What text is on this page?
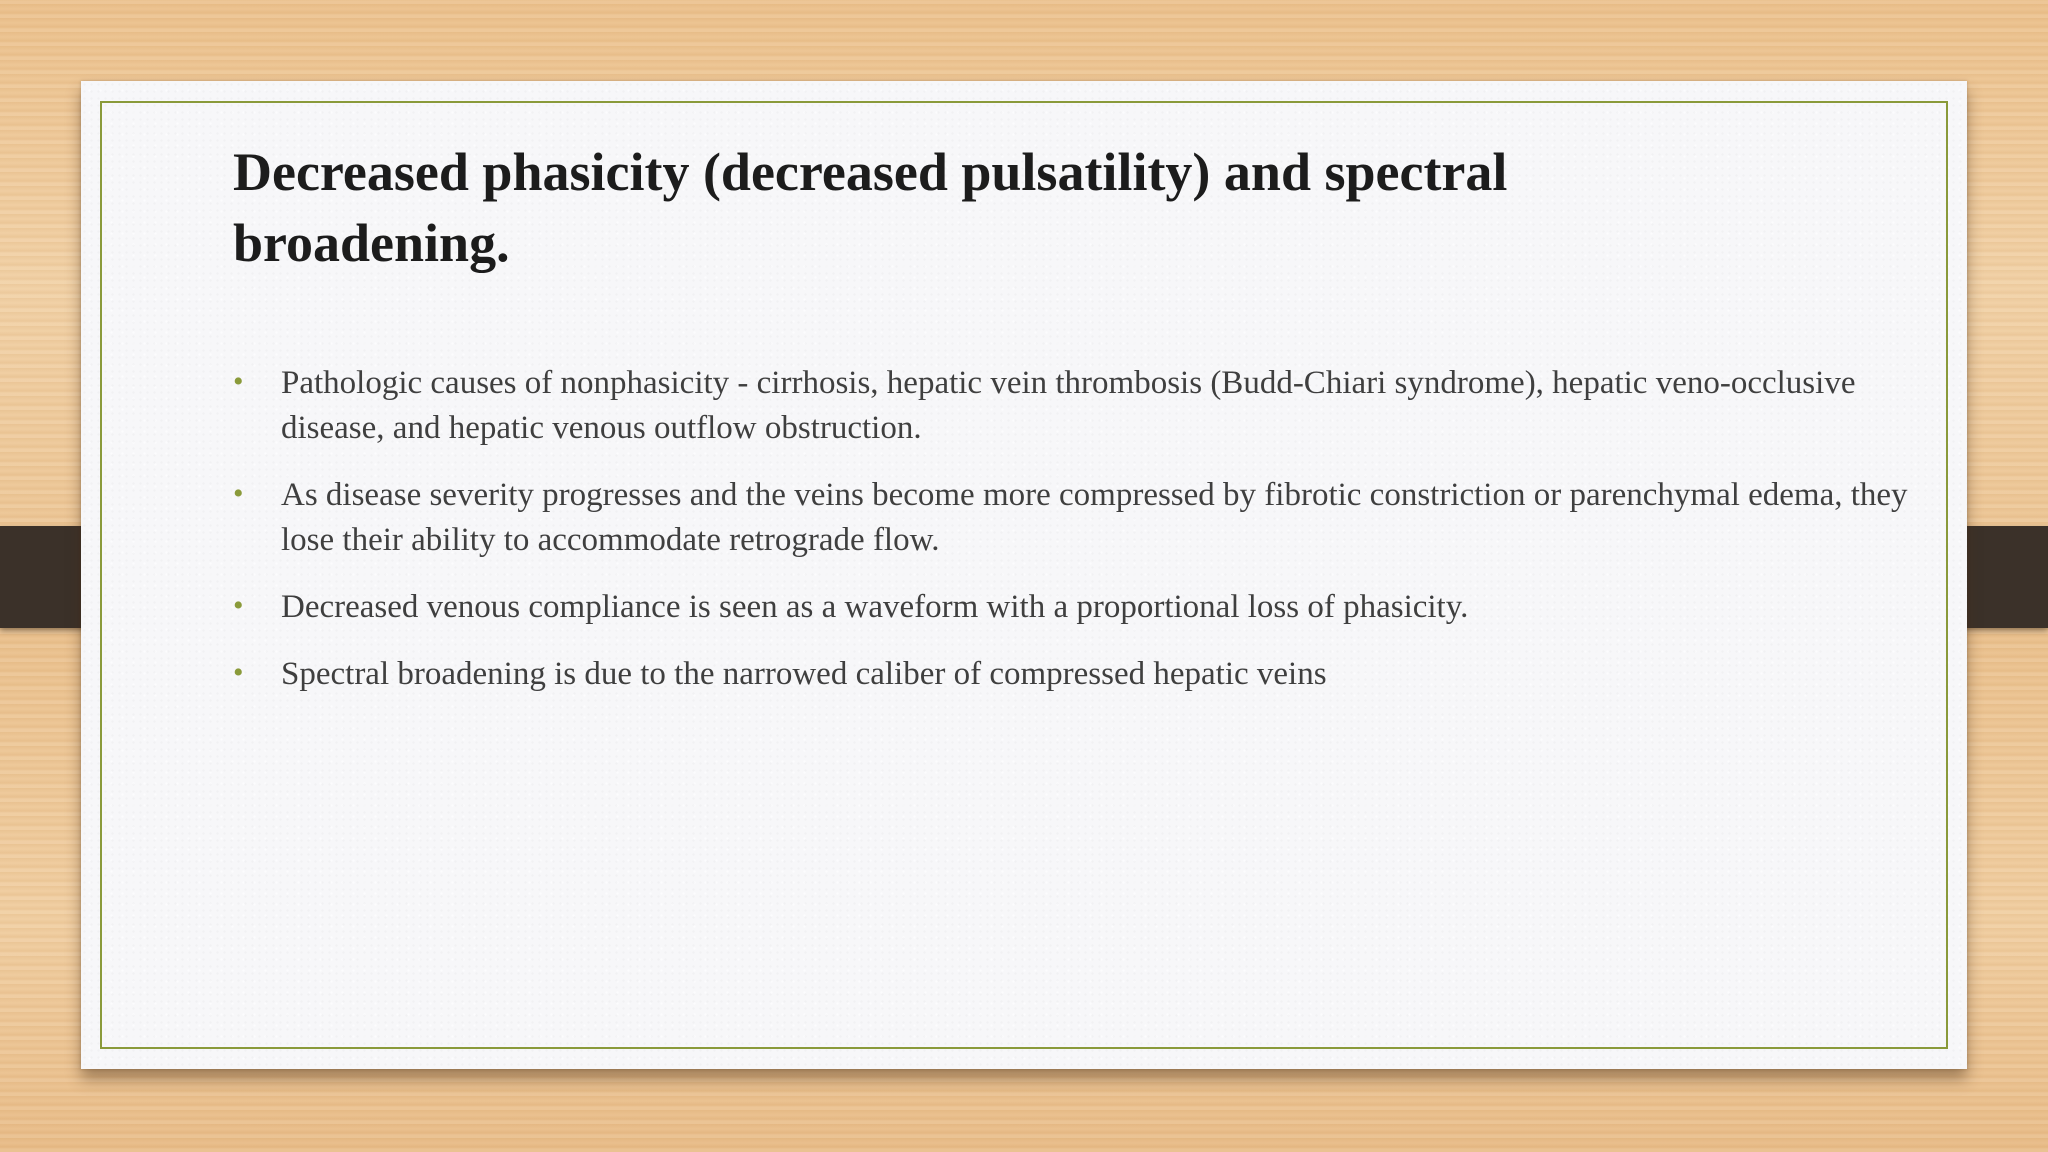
Decreased phasicity (decreased pulsatility) and spectral broadening.
• Pathologic causes of nonphasicity - cirrhosis, hepatic vein thrombosis (Budd-Chiari syndrome), hepatic veno-occlusive disease, and hepatic venous outflow obstruction.
• As disease severity progresses and the veins become more compressed by fibrotic constriction or parenchymal edema, they lose their ability to accommodate retrograde flow.
• Decreased venous compliance is seen as a waveform with a proportional loss of phasicity.
• Spectral broadening is due to the narrowed caliber of compressed hepatic veins
